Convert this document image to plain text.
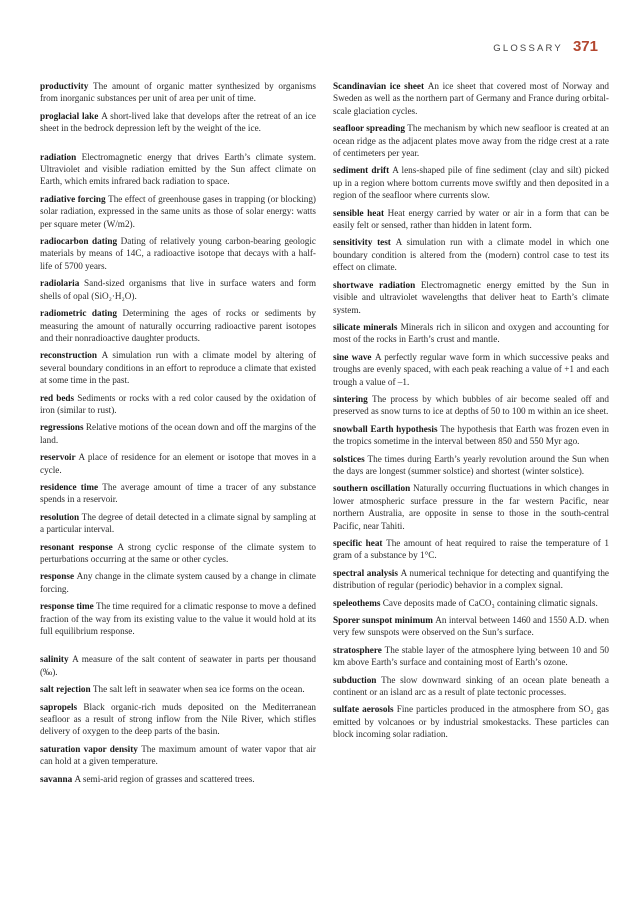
GLOSSARY 371

productivity The amount of organic matter synthesized by organisms from inorganic substances per unit of area per unit of time.

proglacial lake A short-lived lake that develops after the retreat of an ice sheet in the bedrock depression left by the weight of the ice.

radiation Electromagnetic energy that drives Earth’s climate system. Ultraviolet and visible radiation emitted by the Sun affect climate on Earth, which emits infrared back radiation to space.

radiative forcing The effect of greenhouse gases in trapping (or blocking) solar radiation, expressed in the same units as those of solar energy: watts per square meter (W/m2).

radiocarbon dating Dating of relatively young carbon-bearing geologic materials by means of 14C, a radioactive isotope that decays with a half-life of 5700 years.

radiolaria Sand-sized organisms that live in surface waters and form shells of opal (SiO₂·H₂O).

radiometric dating Determining the ages of rocks or sediments by measuring the amount of naturally occurring radioactive parent isotopes and their nonradioactive daughter products.

reconstruction A simulation run with a climate model by altering of several boundary conditions in an effort to reproduce a climate that existed at some time in the past.

red beds Sediments or rocks with a red color caused by the oxidation of iron (similar to rust).

regressions Relative motions of the ocean down and off the margins of the land.

reservoir A place of residence for an element or isotope that moves in a cycle.

residence time The average amount of time a tracer of any substance spends in a reservoir.

resolution The degree of detail detected in a climate signal by sampling at a particular interval.

resonant response A strong cyclic response of the climate system to perturbations occurring at the same or other cycles.

response Any change in the climate system caused by a change in climate forcing.

response time The time required for a climatic response to move a defined fraction of the way from its existing value to the value it would hold at its full equilibrium response.

salinity A measure of the salt content of seawater in parts per thousand (‰).

salt rejection The salt left in seawater when sea ice forms on the ocean.

sapropels Black organic-rich muds deposited on the Mediterranean seafloor as a result of strong inflow from the Nile River, which stifles delivery of oxygen to the deep parts of the basin.

saturation vapor density The maximum amount of water vapor that air can hold at a given temperature.

savanna A semi-arid region of grasses and scattered trees.

Scandinavian ice sheet An ice sheet that covered most of Norway and Sweden as well as the northern part of Germany and France during orbital-scale glaciation cycles.

seafloor spreading The mechanism by which new seafloor is created at an ocean ridge as the adjacent plates move away from the ridge crest at a rate of centimeters per year.

sediment drift A lens-shaped pile of fine sediment (clay and silt) picked up in a region where bottom currents move swiftly and then deposited in a region of the seafloor where currents slow.

sensible heat Heat energy carried by water or air in a form that can be easily felt or sensed, rather than hidden in latent form.

sensitivity test A simulation run with a climate model in which one boundary condition is altered from the (modern) control case to test its effect on climate.

shortwave radiation Electromagnetic energy emitted by the Sun in visible and ultraviolet wavelengths that deliver heat to Earth’s climate system.

silicate minerals Minerals rich in silicon and oxygen and accounting for most of the rocks in Earth’s crust and mantle.

sine wave A perfectly regular wave form in which successive peaks and troughs are evenly spaced, with each peak reaching a value of +1 and each trough a value of –1.

sintering The process by which bubbles of air become sealed off and preserved as snow turns to ice at depths of 50 to 100 m within an ice sheet.

snowball Earth hypothesis The hypothesis that Earth was frozen even in the tropics sometime in the interval between 850 and 550 Myr ago.

solstices The times during Earth’s yearly revolution around the Sun when the days are longest (summer solstice) and shortest (winter solstice).

southern oscillation Naturally occurring fluctuations in which changes in lower atmospheric surface pressure in the far western Pacific, near northern Australia, are opposite in sense to those in the south-central Pacific, near Tahiti.

specific heat The amount of heat required to raise the temperature of 1 gram of a substance by 1°C.

spectral analysis A numerical technique for detecting and quantifying the distribution of regular (periodic) behavior in a complex signal.

speleothems Cave deposits made of CaCO₃ containing climatic signals.

Sporer sunspot minimum An interval between 1460 and 1550 A.D. when very few sunspots were observed on the Sun’s surface.

stratosphere The stable layer of the atmosphere lying between 10 and 50 km above Earth’s surface and containing most of Earth’s ozone.

subduction The slow downward sinking of an ocean plate beneath a continent or an island arc as a result of plate tectonic processes.

sulfate aerosols Fine particles produced in the atmosphere from SO₂ gas emitted by volcanoes or by industrial smokestacks. These particles can block incoming solar radiation.
